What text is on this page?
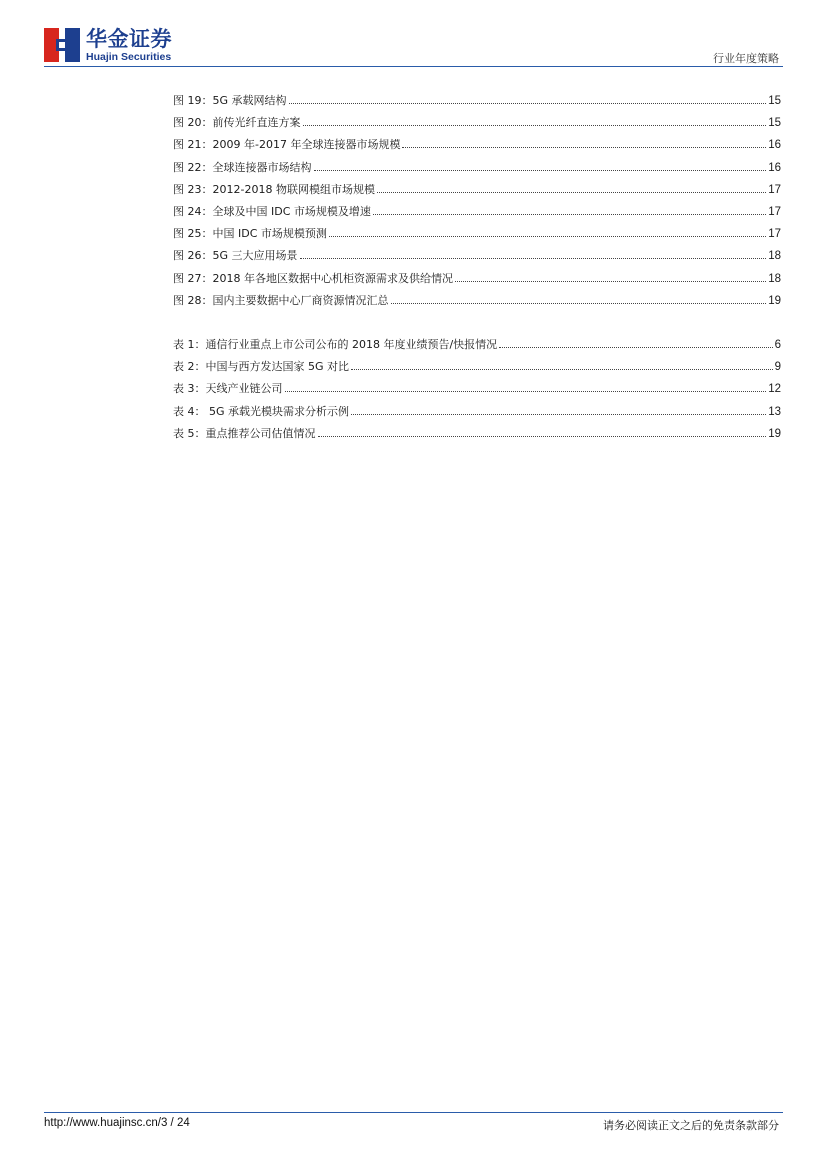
华金证券
Huajin Securities	行业年度策略
图 19：5G 承载网结构	15
图 20：前传光纤直连方案	15
图 21：2009 年-2017 年全球连接器市场规模	16
图 22：全球连接器市场结构	16
图 23：2012-2018 物联网模组市场规模	17
图 24：全球及中国 IDC 市场规模及增速	17
图 25：中国 IDC 市场规模预测	17
图 26：5G 三大应用场景	18
图 27：2018 年各地区数据中心机柜资源需求及供给情况	18
图 28：国内主要数据中心厂商资源情况汇总	19
表 1：通信行业重点上市公司公布的 2018 年度业绩预告/快报情况	6
表 2：中国与西方发达国家 5G 对比	9
表 3：天线产业链公司	12
表 4： 5G 承载光模块需求分析示例	13
表 5：重点推荐公司估值情况	19
http://www.huajinsc.cn/3 / 24	请务必阅读正文之后的免责条款部分
